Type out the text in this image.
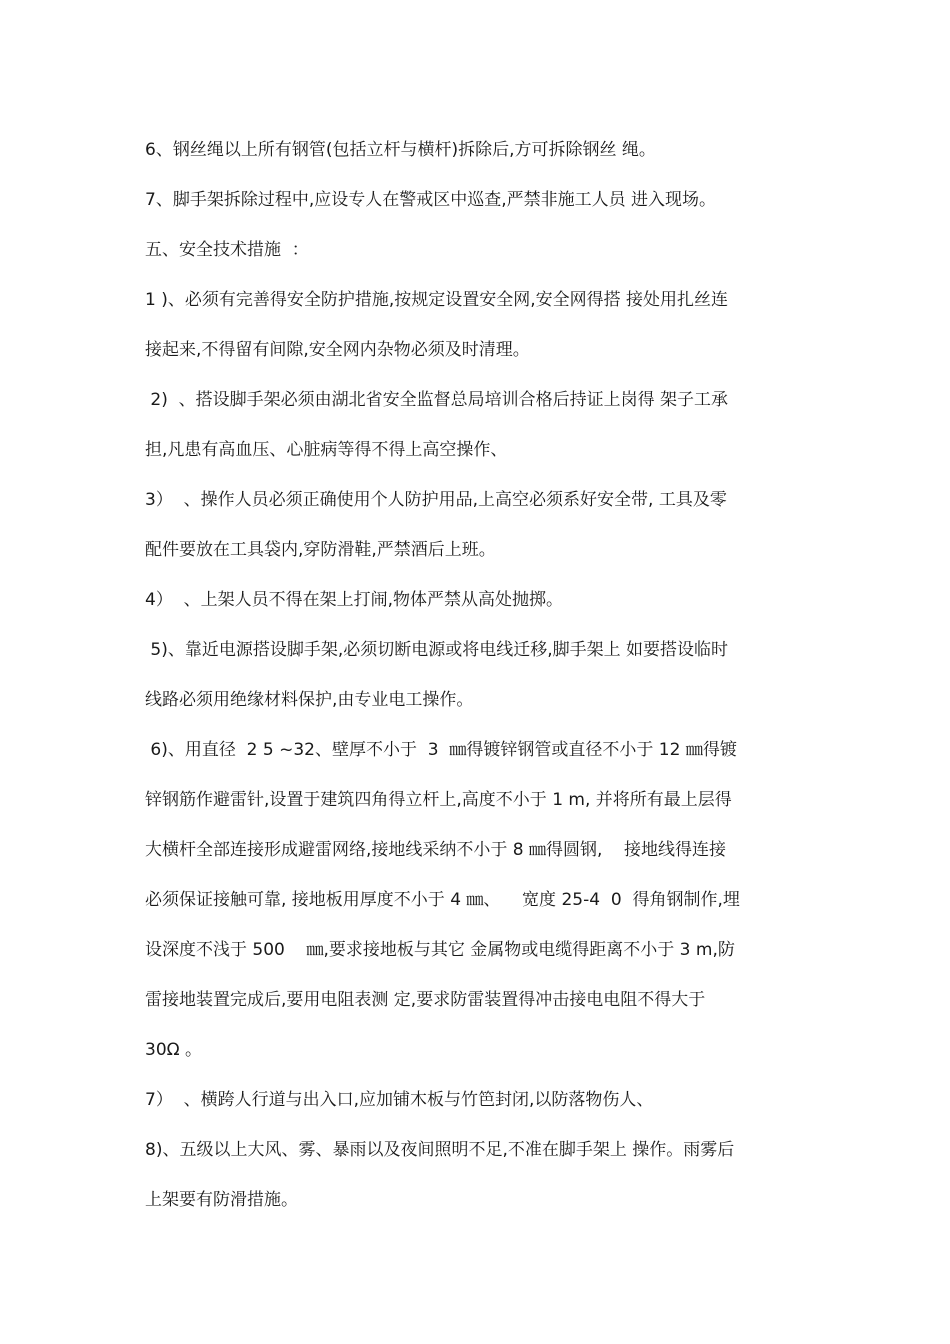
6、钢丝绳以上所有钢管(包括立杆与横杆)拆除后,方可拆除钢丝 绳。
7、脚手架拆除过程中,应设专人在警戒区中巡查,严禁非施工人员 进入现场。
五、安全技术措施  ：
1 )、必须有完善得安全防护措施,按规定设置安全网,安全网得搭 接处用扎丝连
接起来,不得留有间隙,安全网内杂物必须及时清理。
2)  、搭设脚手架必须由湖北省安全监督总局培训合格后持证上岗得 架子工承
担,凡患有高血压、心脏病等得不得上高空操作、
3）  、操作人员必须正确使用个人防护用品,上高空必须系好安全带, 工具及零
配件要放在工具袋内,穿防滑鞋,严禁酒后上班。
4）  、上架人员不得在架上打闹,物体严禁从高处抛掷。
5)、靠近电源搭设脚手架,必须切断电源或将电线迁移,脚手架上 如要搭设临时
线路必须用绝缘材料保护,由专业电工操作。
6)、用直径  2 5 ~32、壁厚不小于  3  ㎜得镀锌钢管或直径不小于 12 ㎜得镀
锌钢筋作避雷针,设置于建筑四角得立杆上,高度不小于 1 m, 并将所有最上层得
大横杆全部连接形成避雷网络,接地线采纳不小于 8 ㎜得圆钢,    接地线得连接
必须保证接触可靠, 接地板用厚度不小于 4 ㎜、    宽度 25-4  0  得角钢制作,埋
设深度不浅于 500    ㎜,要求接地板与其它 金属物或电缆得距离不小于 3 m,防
雷接地装置完成后,要用电阻表测 定,要求防雷装置得冲击接电电阻不得大于
30Ω 。
7）  、横跨人行道与出入口,应加铺木板与竹笆封闭,以防落物伤人、
8)、五级以上大风、雾、暴雨以及夜间照明不足,不准在脚手架上 操作。雨雾后
上架要有防滑措施。
